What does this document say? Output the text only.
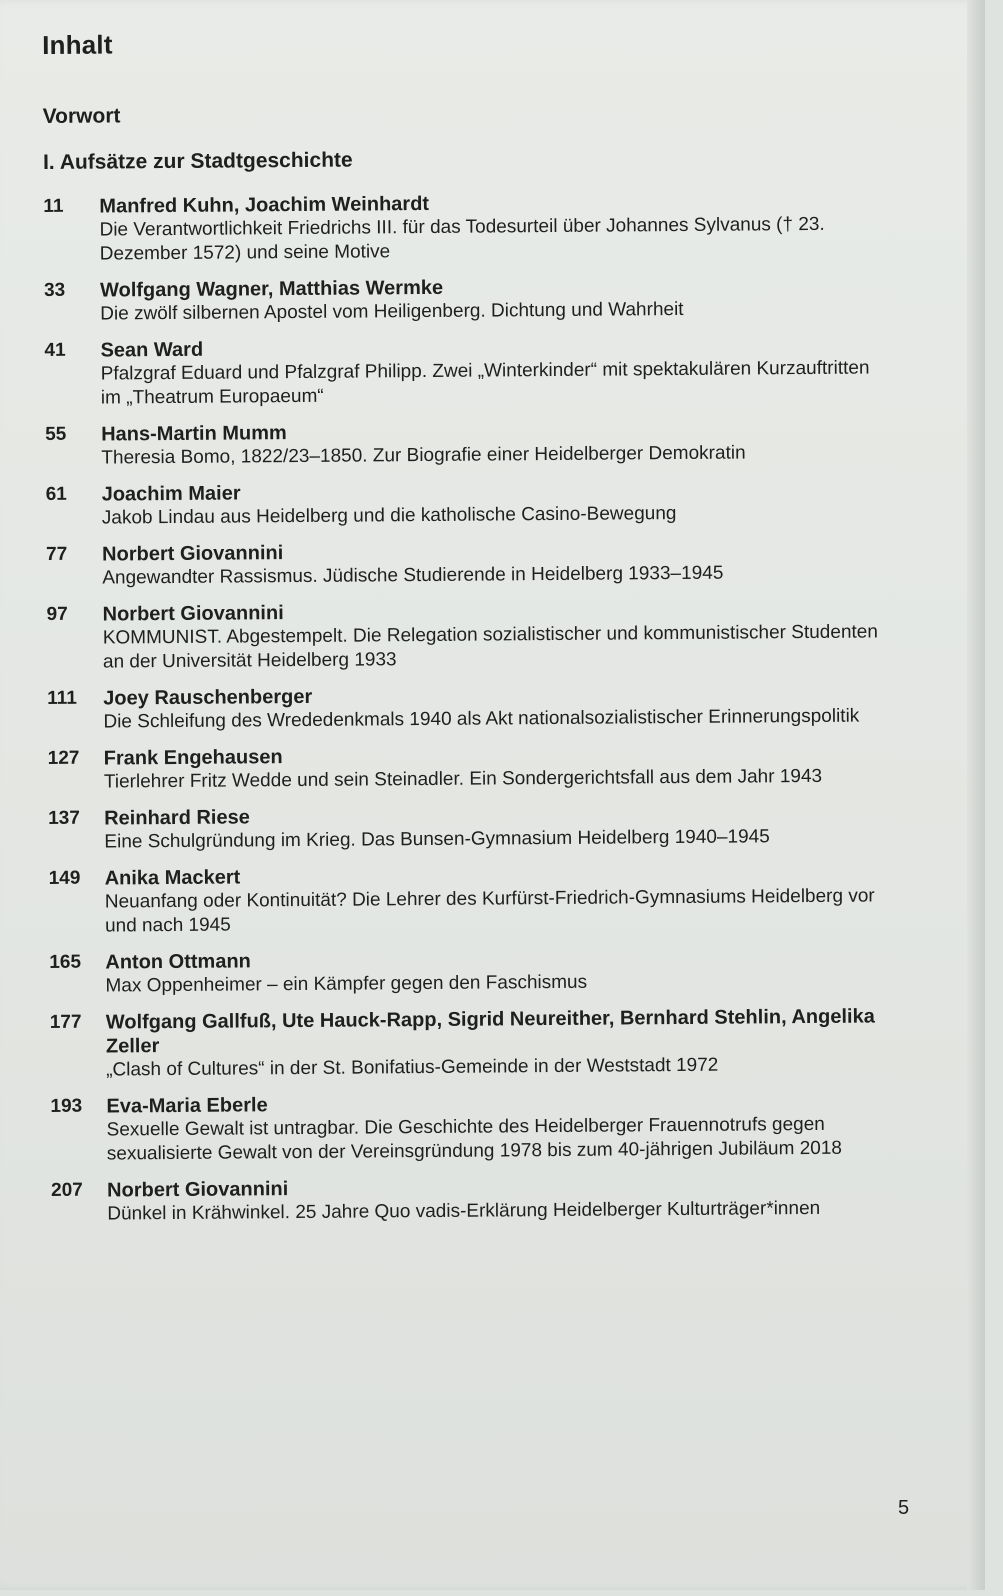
Inhalt
Vorwort
I. Aufsätze zur Stadtgeschichte
11	Manfred Kuhn, Joachim Weinhardt
Die Verantwortlichkeit Friedrichs III. für das Todesurteil über Johannes Sylvanus († 23. Dezember 1572) und seine Motive
33	Wolfgang Wagner, Matthias Wermke
Die zwölf silbernen Apostel vom Heiligenberg. Dichtung und Wahrheit
41	Sean Ward
Pfalzgraf Eduard und Pfalzgraf Philipp. Zwei „Winterkinder“ mit spektakulären Kurzauftritten im „Theatrum Europaeum“
55	Hans-Martin Mumm
Theresia Bomo, 1822/23–1850. Zur Biografie einer Heidelberger Demokratin
61	Joachim Maier
Jakob Lindau aus Heidelberg und die katholische Casino-Bewegung
77	Norbert Giovannini
Angewandter Rassismus. Jüdische Studierende in Heidelberg 1933–1945
97	Norbert Giovannini
KOMMUNIST. Abgestempelt. Die Relegation sozialistischer und kommunistischer Studenten an der Universität Heidelberg 1933
111	Joey Rauschenberger
Die Schleifung des Wrededenkmals 1940 als Akt nationalsozialistischer Erinnerungspolitik
127	Frank Engehausen
Tierlehrer Fritz Wedde und sein Steinadler. Ein Sondergerichtsfall aus dem Jahr 1943
137	Reinhard Riese
Eine Schulgründung im Krieg. Das Bunsen-Gymnasium Heidelberg 1940–1945
149	Anika Mackert
Neuanfang oder Kontinuität? Die Lehrer des Kurfürst-Friedrich-Gymnasiums Heidelberg vor und nach 1945
165	Anton Ottmann
Max Oppenheimer – ein Kämpfer gegen den Faschismus
177	Wolfgang Gallfuß, Ute Hauck-Rapp, Sigrid Neureither, Bernhard Stehlin, Angelika Zeller
„Clash of Cultures“ in der St. Bonifatius-Gemeinde in der Weststadt 1972
193	Eva-Maria Eberle
Sexuelle Gewalt ist untragbar. Die Geschichte des Heidelberger Frauennotrufs gegen sexualisierte Gewalt von der Vereinsgründung 1978 bis zum 40-jährigen Jubiläum 2018
207	Norbert Giovannini
Dünkel in Krähwinkel. 25 Jahre Quo vadis-Erklärung Heidelberger Kulturträger*innen
5
